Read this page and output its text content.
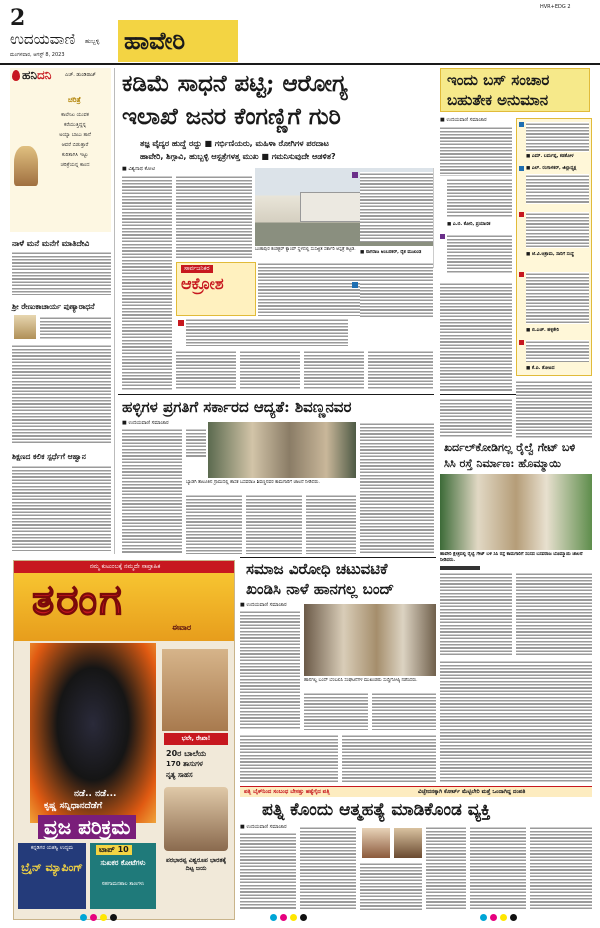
2
ಉದಯವಾಣಿ ಹುಬ್ಬಳ್ಳಿ
ಮಂಗಳವಾರ, ಆಗಸ್ಟ್ 8, 2023 ಹಾವೇರಿ
HVR+EDG 2
ಹನಿದನಿ	ಎಚ್. ಡುಂಡಿರಾಜ್
ಚರಿತ್ರೆ
ಕಾಲೇಜು ಯುವಕ
ಕರೆಯುತ್ತಿದ್ದನ್ನ
ಅಯ್ಯಾ ಬಾಬು ತಾನೆ
ಆವರೆ ಬಿಡುತ್ತಾರೆ
ಕುರಿತಾಗಿಸಿ ಇಟ್ಟು
ಚರಿತ್ರೆಯನ್ನ ಕಾಂದ
ನಾಳೆ ಮನೆ ಮನೆಗೆ ಮಾತಿದೇವಿ
ಶ್ರೀ ರೇಣುಕಾಚಾರ್ಯ ಪುಣ್ಯಾರಾಧನೆ
ಶಿಕ್ಷಣದ ಕಲಿಕ ಸ್ಪರ್ಧೆಗೆ ಆಹ್ವಾನ
ಕಡಿಮೆ ಸಾಧನೆ ಪಟ್ಟಿ; ಆರೋಗ್ಯ
ಇಲಾಖೆ ಜನರ ಕೆಂಗಣ್ಣಿಗೆ ಗುರಿ
ತಜ್ಞ ವೈದ್ಯರ ಹುದ್ದೆ ರದ್ದು ■ ಗರ್ಭಿಣಿಯರು, ಮಹಿಳಾ ರೋಗಿಗಳ ಪರದಾಟ
ಹಾವೇರಿ, ಶಿಗ್ಗಾವಿ, ಹುಬ್ಬಳ್ಳಿ ಆಸ್ಪತ್ರೆಗಳತ್ತ ಮುಖ ■ ಗಮನಿಸುವುದೇ ಆಡಳಿತ?
■ ವಿಶ್ವನಾಥ ಕೋಟಿ
ಬಂಕಾಪುರ ಕಂಡಕ್ಟರ್ ಕ್ಯಾಂಪ್ ಸ್ಥಳದಲ್ಲಿ ಸುಸಜ್ಜಿತ ಸರ್ಕಾರಿ ಆಸ್ಪತ್ರೆ ಕಟ್ಟಡ.
ಸಾರ್ವಜನಿಕರ
ಆಕ್ರೋಶ
■ ನಾಗರಾಜ ಅಂಬರಕರ್, ರೈತ ಮುಖಂಡ
ಇಂದು ಬಸ್ ಸಂಚಾರ
ಬಹುತೇಕ ಅನುಮಾನ
■ ಉದಯವಾಣಿ ಸಮಾಚಾರ
■ ಎಮ್. ಬರ್ಮಪ್ಪ, ಕಡಕೋಳ
■ ಎಲ್. ರಂಗಾಳಕರ್, ಜಿಲ್ಲಾಧ್ಯಕ್ಷ
■ ಜೆ.ವಿ.ಆಶ್ರಾಮ, ಸಾರಿಗೆ ಸಂಸ್ಥೆ
■ ಬಿ.ಎಚ್. ಹಳ್ಳಿಕೇರಿ
■ ಕೆ.ಪಿ. ತೋಟದ
■ ಎ.ಬಿ. ಕೋರಿ, ಪ್ರಯಾಣಿಕ
ಹಳ್ಳಿಗಳ ಪ್ರಗತಿಗೆ ಸರ್ಕಾರದ ಆದ್ಯತೆ: ಶಿವಣ್ಣನವರ
■ ಉದಯವಾಣಿ ಸಮಾಚಾರ
ಬ್ಯಾಡಗಿ ತಾಲೂಕಿನ ಗ್ರಾಮದಲ್ಲಿ ಶಾಸಕ ಬಸವರಾಜ ಶಿವಣ್ಣನವರ ಕಾಮಗಾರಿಗೆ ಚಾಲನೆ ನೀಡಿದರು.
ಖರ್ದಲ್‌ಕೋಡಿಗಲ್ಲ ರೈಲ್ವೆ ಗೇಟ್ ಬಳಿ
ಸಿಸಿ ರಸ್ತೆ ನಿರ್ಮಾಣ: ಹೊಮ್ಮಾಯಿ
ಹಾವೇರಿ ಕ್ಷೇತ್ರದಲ್ಲಿ ರೈಲ್ವೆ ಗೇಟ್ ಬಳಿ ಸಿಸಿ ರಸ್ತೆ ಕಾಮಗಾರಿಗೆ ಸಂಸದ ಬಸವರಾಜ ಬೊಮ್ಮಾಯಿ ಚಾಲನೆ ನೀಡಿದರು.
ನಮ್ಮ ಕುಟುಂಬಕ್ಕೆ ನಮ್ಮದೇ ಸಾಪ್ತಾಹಿಕ
ತರಂಗ
ಈವಾರ
ಭಲೇ, ರೇಖಾ!
20ರ ಬಾಲೆಯ
170 ತಾಸುಗಳ
ನೃತ್ಯ ಸಾಹಸ
ನಡೆ.. ನಡೆ...
ಕೃಷ್ಣ ಸನ್ನಿಧಾನದೆಡೆಗೆ
ವ್ರಜ ಪರಿಕ್ರಮ
ಕನ್ನಡಿಗರ ಯಶಸ್ವಿ ಉದ್ಯಮ
ಬ್ರೈನ್ ಮ್ಯಾಪಿಂಗ್
ಟಾಪ್ 10
ಸುಖಕರ ಕೋಟೆಗಳು
ಸಹಗಾಮನಶಾಲ ತಾಣಗಳು
ಪರಭಾರಪ್ಪ ವಿಶ್ವರೂಪ ಭಾರತಕ್ಕೆ ದಿಟ್ಟ ಜಯ
ಸಮಾಜ ವಿರೋಧಿ ಚಟುವಟಿಕೆ
ಖಂಡಿಸಿ ನಾಳೆ ಹಾನಗಲ್ಲ ಬಂದ್
■ ಉದಯವಾಣಿ ಸಮಾಚಾರ
ಹಾನಗಲ್ಲ ಬಂದ್ ಬೆಂಬಲಿಸಿ ಸಂಘಟನೆಗಳ ಮುಖಂಡರು ಸುದ್ದಿಗೋಷ್ಠಿ ನಡೆಸಿದರು.
ಪತ್ನಿ ಬೈಕ್‌ನಿಂದ ಸಂಬಂಧ ಬೇಸತ್ತು ಹತ್ಯೆಗೈದ ಪತ್ನಿ	ವಿಚ್ಛೇದನಕ್ಕಾಗಿ ಕೋರ್ಟ್ ಮೆಟ್ಟಿಲೇರಿ ಮತ್ತೆ ಒಂದಾಗಿದ್ದ ದಂಪತಿ
ಪತ್ನಿ ಕೊಂದು ಆತ್ಮಹತ್ಯೆ ಮಾಡಿಕೊಂಡ ವ್ಯಕ್ತಿ
■ ಉದಯವಾಣಿ ಸಮಾಚಾರ
